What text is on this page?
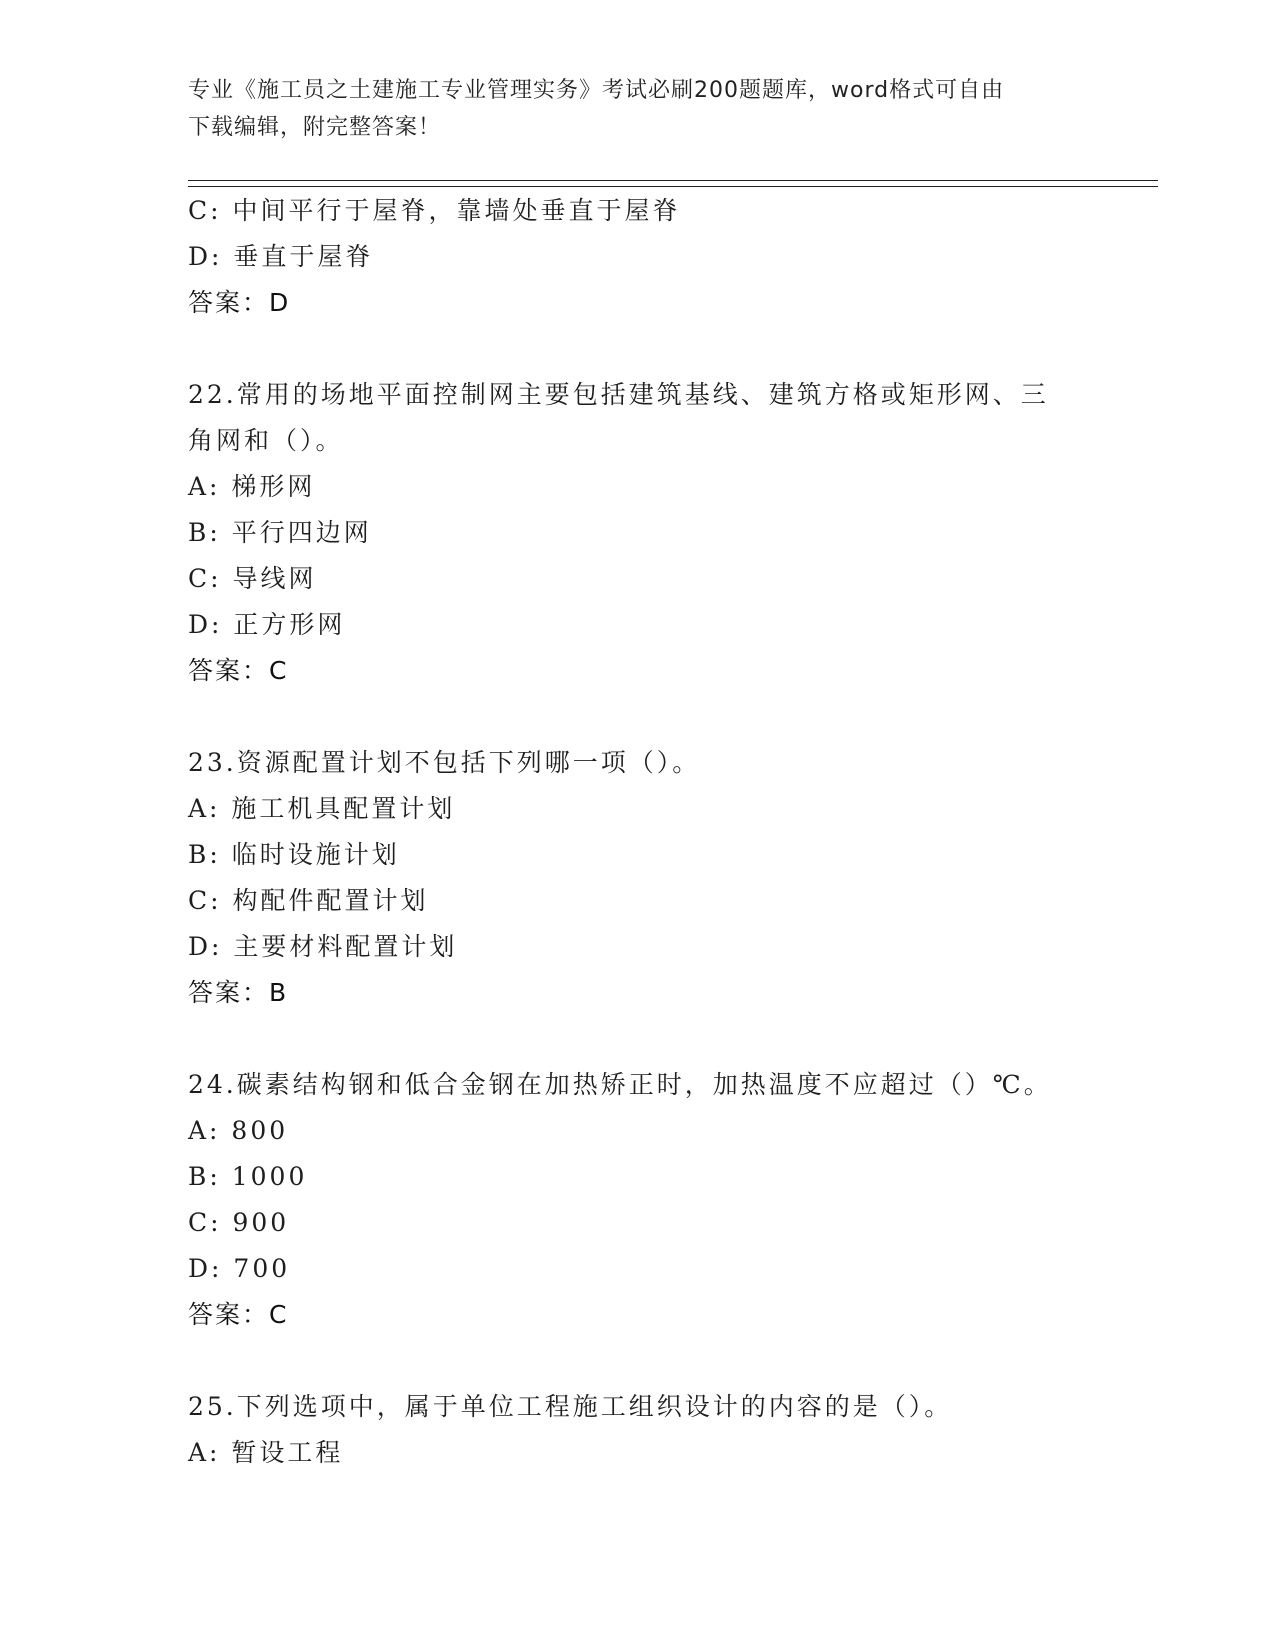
专业《施工员之土建施工专业管理实务》考试必刷200题题库，word格式可自由
下载编辑，附完整答案！
C: 中间平行于屋脊，靠墙处垂直于屋脊
D: 垂直于屋脊
答案：D
22.常用的场地平面控制网主要包括建筑基线、建筑方格或矩形网、三
角网和（）。
A: 梯形网
B: 平行四边网
C: 导线网
D: 正方形网
答案：C
23.资源配置计划不包括下列哪一项（）。
A: 施工机具配置计划
B: 临时设施计划
C: 构配件配置计划
D: 主要材料配置计划
答案：B
24.碳素结构钢和低合金钢在加热矫正时，加热温度不应超过（）℃。
A: 800
B: 1000
C: 900
D: 700
答案：C
25.下列选项中，属于单位工程施工组织设计的内容的是（）。
A: 暂设工程
